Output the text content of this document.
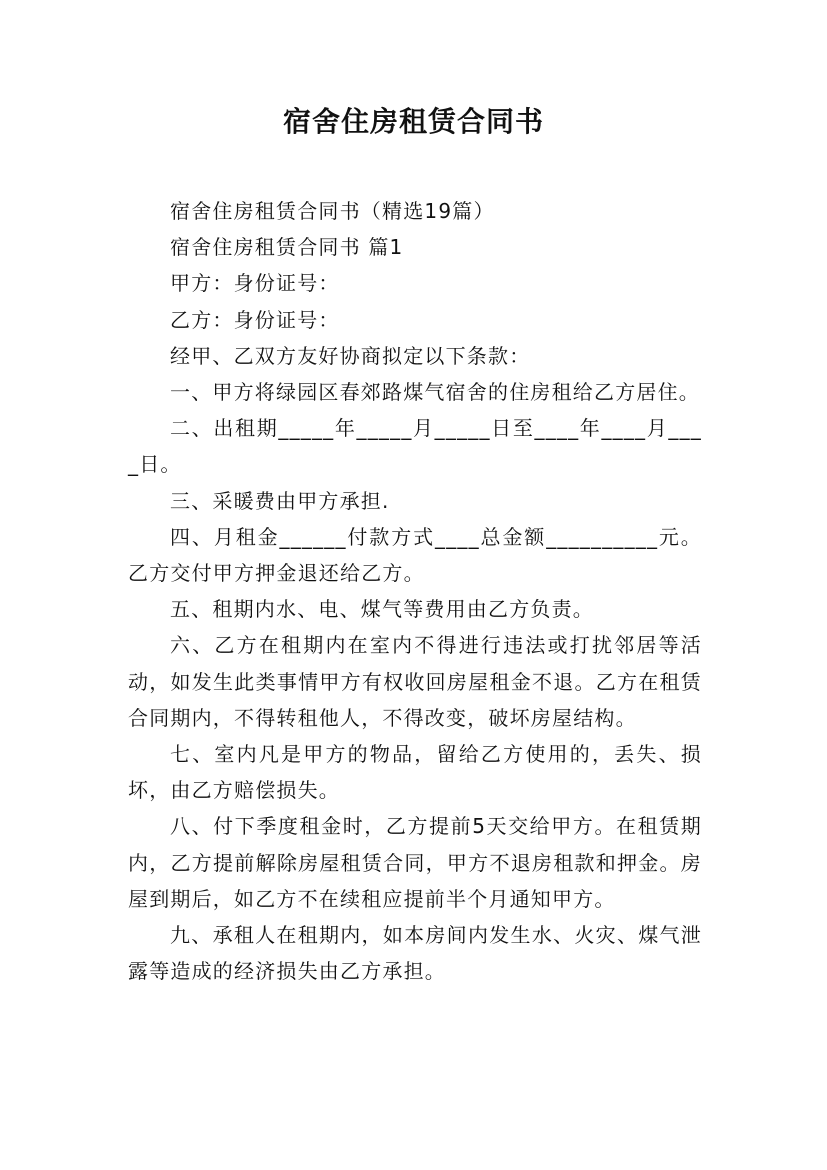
宿舍住房租赁合同书

宿舍住房租赁合同书（精选19篇）

宿舍住房租赁合同书 篇1

甲方：身份证号：

乙方：身份证号：

经甲、乙双方友好协商拟定以下条款：

一、甲方将绿园区春郊路煤气宿舍的住房租给乙方居住。

二、出租期_____年_____月_____日至____年____月____日。

三、采暖费由甲方承担.

四、月租金______付款方式____总金额__________元。乙方交付甲方押金退还给乙方。

五、租期内水、电、煤气等费用由乙方负责。

六、乙方在租期内在室内不得进行违法或打扰邻居等活动，如发生此类事情甲方有权收回房屋租金不退。乙方在租赁合同期内，不得转租他人，不得改变，破坏房屋结构。

七、室内凡是甲方的物品，留给乙方使用的，丢失、损坏，由乙方赔偿损失。

八、付下季度租金时，乙方提前5天交给甲方。在租赁期内，乙方提前解除房屋租赁合同，甲方不退房租款和押金。房屋到期后，如乙方不在续租应提前半个月通知甲方。

九、承租人在租期内，如本房间内发生水、火灾、煤气泄露等造成的经济损失由乙方承担。
